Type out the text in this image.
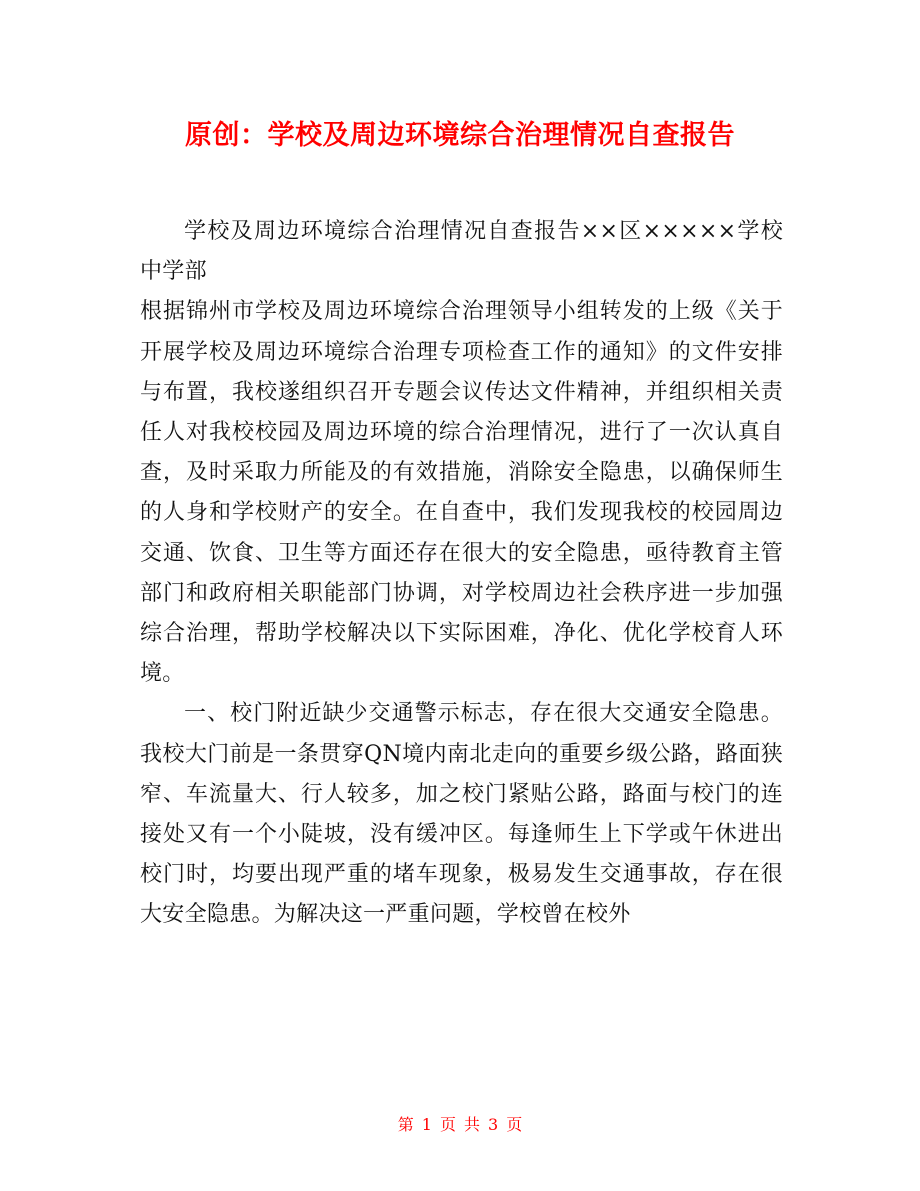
原创：学校及周边环境综合治理情况自查报告

学校及周边环境综合治理情况自查报告××区×××××学校中学部

根据锦州市学校及周边环境综合治理领导小组转发的上级《关于开展学校及周边环境综合治理专项检查工作的通知》的文件安排与布置，我校遂组织召开专题会议传达文件精神，并组织相关责任人对我校校园及周边环境的综合治理情况，进行了一次认真自查，及时采取力所能及的有效措施，消除安全隐患，以确保师生的人身和学校财产的安全。在自查中，我们发现我校的校园周边交通、饮食、卫生等方面还存在很大的安全隐患，亟待教育主管部门和政府相关职能部门协调，对学校周边社会秩序进一步加强综合治理，帮助学校解决以下实际困难，净化、优化学校育人环境。

一、校门附近缺少交通警示标志，存在很大交通安全隐患。我校大门前是一条贯穿QN境内南北走向的重要乡级公路，路面狭窄、车流量大、行人较多，加之校门紧贴公路，路面与校门的连接处又有一个小陡坡，没有缓冲区。每逢师生上下学或午休进出校门时，均要出现严重的堵车现象，极易发生交通事故，存在很大安全隐患。为解决这一严重问题，学校曾在校外

第 1 页 共 3 页
